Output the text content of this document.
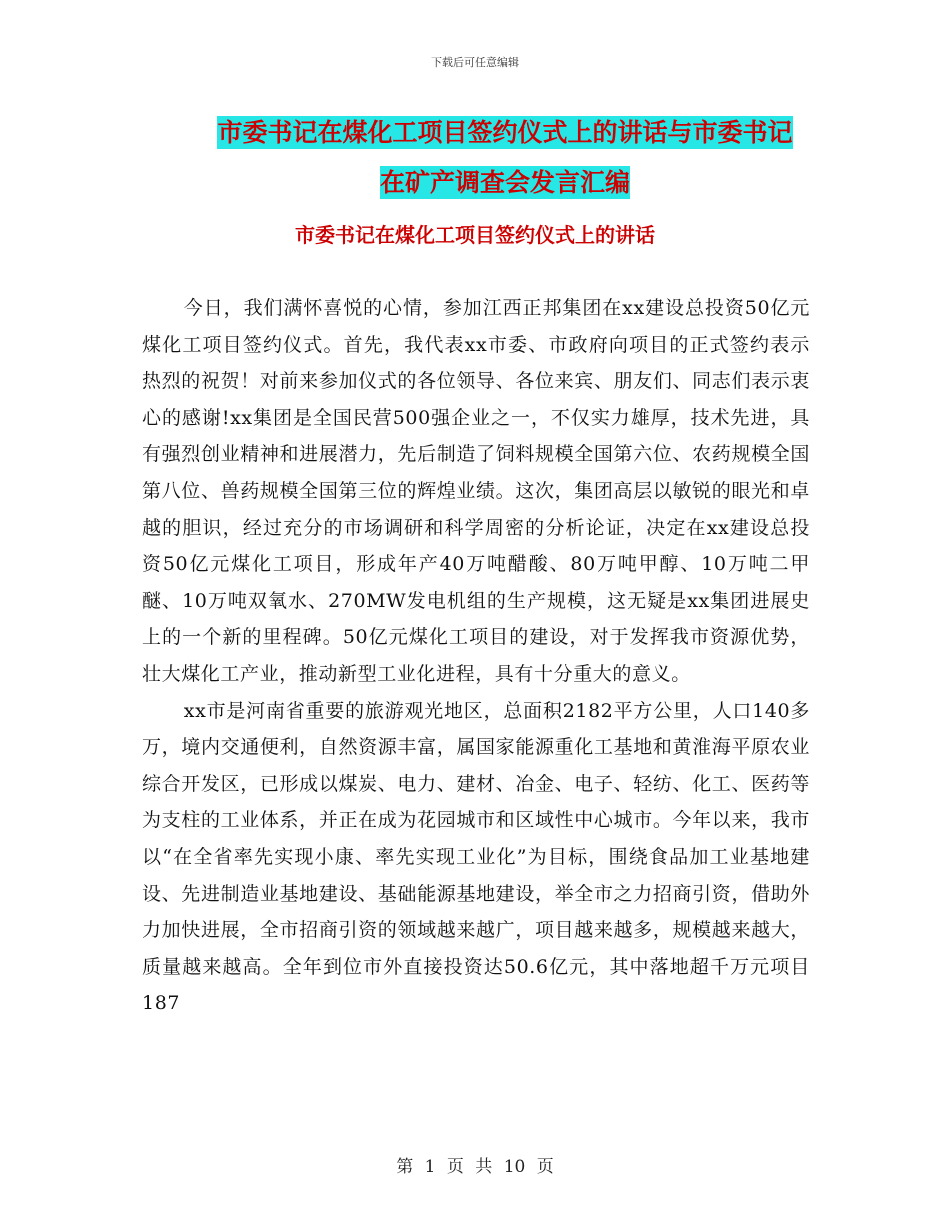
下载后可任意编辑
市委书记在煤化工项目签约仪式上的讲话与市委书记
在矿产调查会发言汇编
市委书记在煤化工项目签约仪式上的讲话

今日，我们满怀喜悦的心情，参加江西正邦集团在xx建设总投资50亿元煤化工项目签约仪式。首先，我代表xx市委、市政府向项目的正式签约表示热烈的祝贺！对前来参加仪式的各位领导、各位来宾、朋友们、同志们表示衷心的感谢!xx集团是全国民营500强企业之一，不仅实力雄厚，技术先进，具有强烈创业精神和进展潜力，先后制造了饲料规模全国第六位、农药规模全国第八位、兽药规模全国第三位的辉煌业绩。这次，集团高层以敏锐的眼光和卓越的胆识，经过充分的市场调研和科学周密的分析论证，决定在xx建设总投资50亿元煤化工项目，形成年产40万吨醋酸、80万吨甲醇、10万吨二甲醚、10万吨双氧水、270MW发电机组的生产规模，这无疑是xx集团进展史上的一个新的里程碑。50亿元煤化工项目的建设，对于发挥我市资源优势，壮大煤化工产业，推动新型工业化进程，具有十分重大的意义。

xx市是河南省重要的旅游观光地区，总面积2182平方公里，人口140多万，境内交通便利，自然资源丰富，属国家能源重化工基地和黄淮海平原农业综合开发区，已形成以煤炭、电力、建材、冶金、电子、轻纺、化工、医药等为支柱的工业体系，并正在成为花园城市和区域性中心城市。今年以来，我市以“在全省率先实现小康、率先实现工业化”为目标，围绕食品加工业基地建设、先进制造业基地建设、基础能源基地建设，举全市之力招商引资，借助外力加快进展，全市招商引资的领域越来越广，项目越来越多，规模越来越大，质量越来越高。全年到位市外直接投资达50.6亿元，其中落地超千万元项目187

第 1 页 共 10 页
